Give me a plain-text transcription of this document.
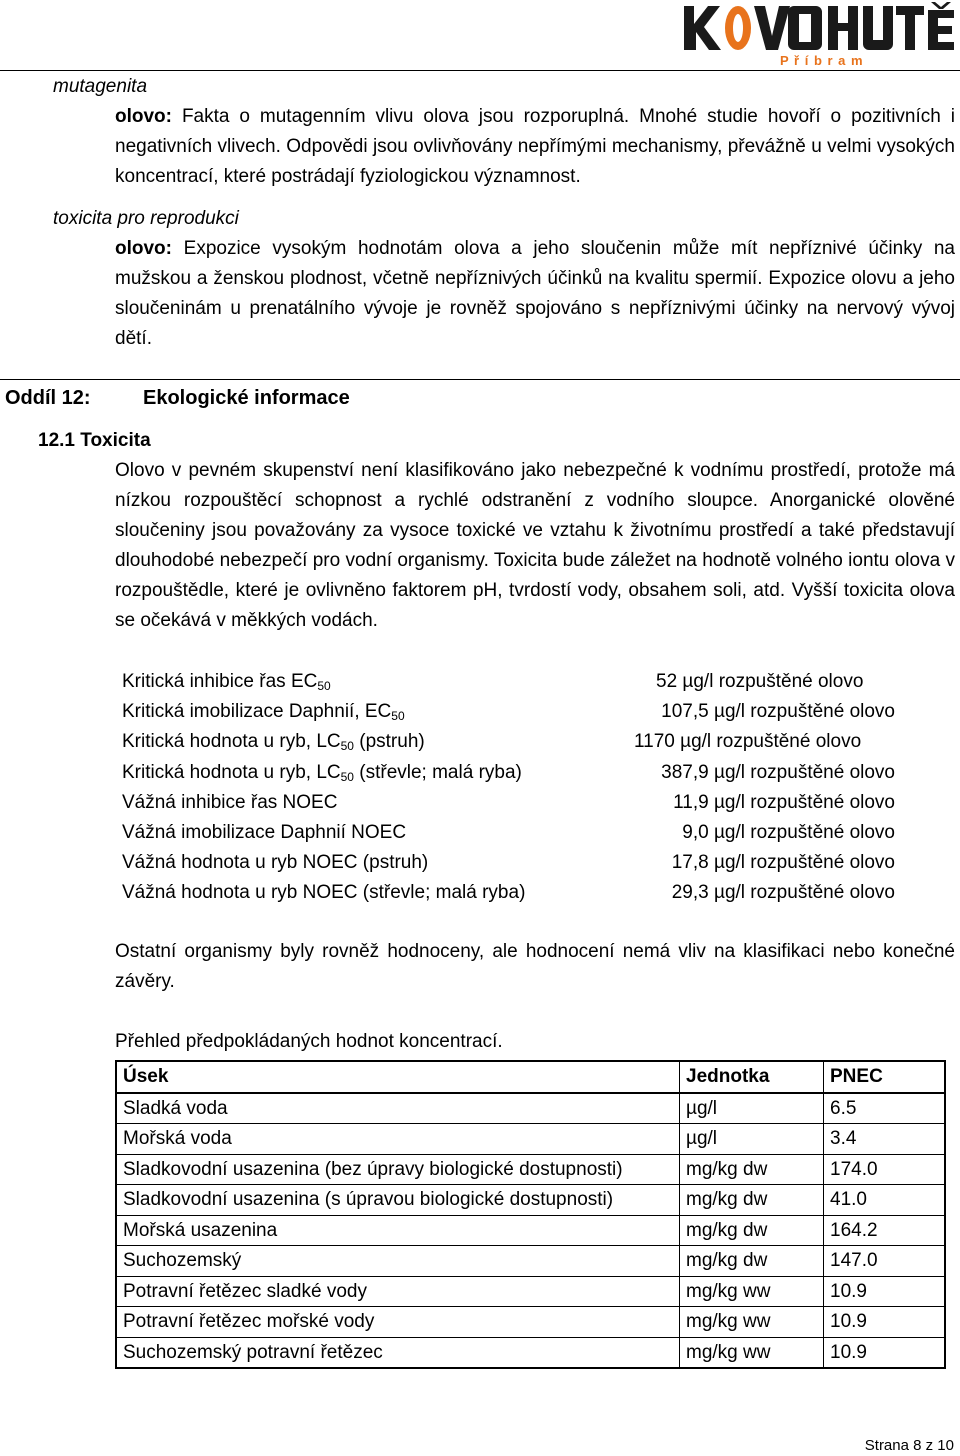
P ř í b r a m
mutagenita
olovo: Fakta o mutagenním vlivu olova jsou rozporuplná. Mnohé studie hovoří o pozitivních i negativních vlivech. Odpovědi jsou ovlivňovány nepřímými mechanismy, převážně u velmi vysokých koncentrací, které postrádají fyziologickou významnost.
toxicita pro reprodukci
olovo: Expozice vysokým hodnotám olova a jeho sloučenin může mít nepříznivé účinky na mužskou a ženskou plodnost, včetně nepříznivých účinků na kvalitu spermií. Expozice olovu a jeho sloučeninám u prenatálního vývoje je rovněž spojováno s nepříznivými účinky na nervový vývoj dětí.
Oddíl 12:	Ekologické informace
12.1 Toxicita
Olovo v pevném skupenství není klasifikováno jako nebezpečné k vodnímu prostředí, protože má nízkou rozpouštěcí schopnost a rychlé odstranění z vodního sloupce. Anorganické olověné sloučeniny jsou považovány za vysoce toxické ve vztahu k životnímu prostředí a také představují dlouhodobé nebezpečí pro vodní organismy. Toxicita bude záležet na hodnotě volného iontu olova v rozpouštědle, které je ovlivněno faktorem pH, tvrdostí vody, obsahem soli, atd. Vyšší toxicita olova se očekává v měkkých vodách.
Kritická inhibice řas $EC_{50}$	52 µg/l rozpuštěné olovo
Kritická imobilizace Daphnií, $EC_{50}$	107,5 µg/l rozpuštěné olovo
Kritická hodnota u ryb, $LC_{50}$ (pstruh)	1170 µg/l rozpuštěné olovo
Kritická hodnota u ryb, $LC_{50}$ (střevle; malá ryba)	387,9 µg/l rozpuštěné olovo
Vážná inhibice řas NOEC	11,9 µg/l rozpuštěné olovo
Vážná imobilizace Daphnií NOEC	9,0 µg/l rozpuštěné olovo
Vážná hodnota u ryb NOEC (pstruh)	17,8 µg/l rozpuštěné olovo
Vážná hodnota u ryb NOEC (střevle; malá ryba)	29,3 µg/l rozpuštěné olovo
Ostatní organismy byly rovněž hodnoceny, ale hodnocení nemá vliv na klasifikaci nebo konečné závěry.
Přehled předpokládaných hodnot koncentrací.
Úsek	Jednotka	PNEC
Sladká voda	µg/l	6.5
Mořská voda	µg/l	3.4
Sladkovodní usazenina (bez úpravy biologické dostupnosti)	mg/kg dw	174.0
Sladkovodní usazenina (s úpravou biologické dostupnosti)	mg/kg dw	41.0
Mořská usazenina	mg/kg dw	164.2
Suchozemský	mg/kg dw	147.0
Potravní řetězec sladké vody	mg/kg ww	10.9
Potravní řetězec mořské vody	mg/kg ww	10.9
Suchozemský potravní řetězec	mg/kg ww	10.9
Strana 8 z 10
